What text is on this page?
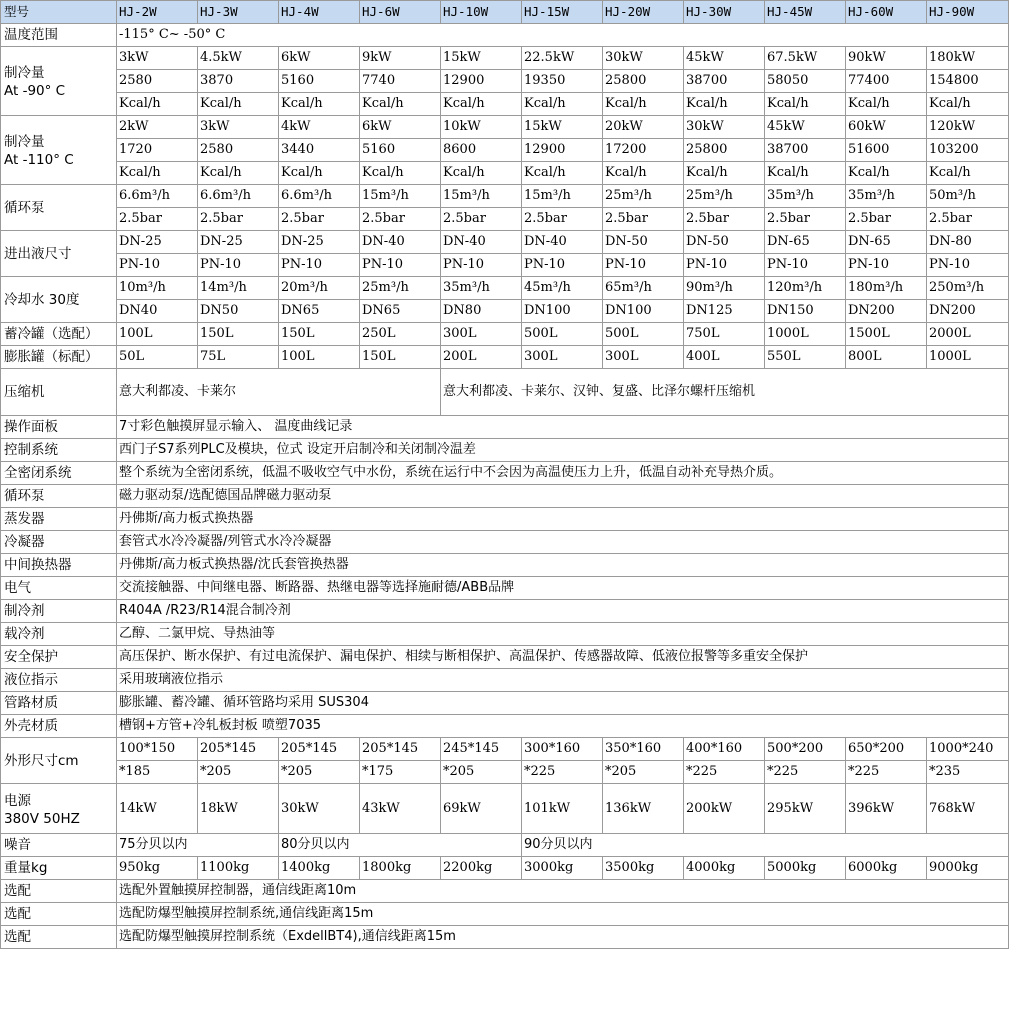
型号	HJ-2W	HJ-3W	HJ-4W	HJ-6W	HJ-10W	HJ-15W	HJ-20W	HJ-30W	HJ-45W	HJ-60W	HJ-90W
温度范围	-115° C~ -50° C										

制冷量
At -90° C	3kW	4.5kW	6kW	9kW	15kW	22.5kW	30kW	45kW	67.5kW	90kW	180kW
	2580	3870	5160	7740	12900	19350	25800	38700	58050	77400	154800
	Kcal/h	Kcal/h	Kcal/h	Kcal/h	Kcal/h	Kcal/h	Kcal/h	Kcal/h	Kcal/h	Kcal/h	Kcal/h

制冷量
At -110° C	2kW	3kW	4kW	6kW	10kW	15kW	20kW	30kW	45kW	60kW	120kW
	1720	2580	3440	5160	8600	12900	17200	25800	38700	51600	103200
	Kcal/h	Kcal/h	Kcal/h	Kcal/h	Kcal/h	Kcal/h	Kcal/h	Kcal/h	Kcal/h	Kcal/h	Kcal/h
循环泵	6.6m³/h	6.6m³/h	6.6m³/h	15m³/h	15m³/h	15m³/h	25m³/h	25m³/h	35m³/h	35m³/h	50m³/h
	2.5bar	2.5bar	2.5bar	2.5bar	2.5bar	2.5bar	2.5bar	2.5bar	2.5bar	2.5bar	2.5bar
进出液尺寸	DN-25	DN-25	DN-25	DN-40	DN-40	DN-40	DN-50	DN-50	DN-65	DN-65	DN-80
	PN-10	PN-10	PN-10	PN-10	PN-10	PN-10	PN-10	PN-10	PN-10	PN-10	PN-10
冷却水 30度	10m³/h	14m³/h	20m³/h	25m³/h	35m³/h	45m³/h	65m³/h	90m³/h	120m³/h	180m³/h	250m³/h
	DN40	DN50	DN65	DN65	DN80	DN100	DN100	DN125	DN150	DN200	DN200
蓄冷罐（选配）	100L	150L	150L	250L	300L	500L	500L	750L	1000L	1500L	2000L
膨胀罐（标配）	50L	75L	100L	150L	200L	300L	300L	400L	550L	800L	1000L
压缩机	意大利都凌、卡莱尔				意大利都凌、卡莱尔、汉钟、复盛、比泽尔螺杆压缩机						
操作面板	7寸彩色触摸屏显示输入、 温度曲线记录										
控制系统	西门子S7系列PLC及模块，位式 设定开启制冷和关闭制冷温差										
全密闭系统	整个系统为全密闭系统，低温不吸收空气中水份，系统在运行中不会因为高温使压力上升，低温自动补充导热介质。										
循环泵	磁力驱动泵/选配德国品牌磁力驱动泵										
蒸发器	丹佛斯/高力板式换热器										
冷凝器	套管式水冷冷凝器/列管式水冷冷凝器										
中间换热器	丹佛斯/高力板式换热器/沈氏套管换热器										
电气	交流接触器、中间继电器、断路器、热继电器等选择施耐德/ABB品牌										
制冷剂	R404A /R23/R14混合制冷剂										
载冷剂	乙醇、二氯甲烷、导热油等										
安全保护	高压保护、断水保护、有过电流保护、漏电保护、相续与断相保护、高温保护、传感器故障、低液位报警等多重安全保护										
液位指示	采用玻璃液位指示										
管路材质	膨胀罐、蓄冷罐、循环管路均采用 SUS304										
外壳材质	槽钢+方管+冷轧板封板 喷塑7035										
外形尺寸cm	100*150	205*145	205*145	205*145	245*145	300*160	350*160	400*160	500*200	650*200	1000*240
	*185	*205	*205	*175	*205	*225	*205	*225	*225	*225	*235

电源
380V 50HZ	14kW	18kW	30kW	43kW	69kW	101kW	136kW	200kW	295kW	396kW	768kW
噪音	75分贝以内		80分贝以内			90分贝以内					
重量kg	950kg	1100kg	1400kg	1800kg	2200kg	3000kg	3500kg	4000kg	5000kg	6000kg	9000kg
选配	选配外置触摸屏控制器，通信线距离10m										
选配	选配防爆型触摸屏控制系统,通信线距离15m										
选配	选配防爆型触摸屏控制系统（ExdellBT4),通信线距离15m										
